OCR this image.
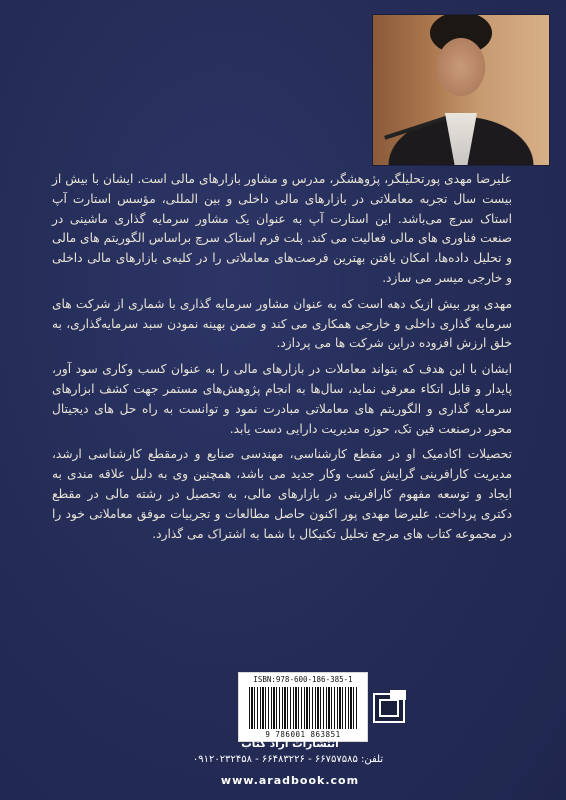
علیرضا مهدی پورتحلیلگر، پژوهشگر، مدرس و مشاور بازارهای مالی است. ایشان با بیش از بیست سال تجربه معاملاتی در بازارهای مالی داخلی و بین المللی، مؤسس استارت آپ استاک سرچ می‌باشد. این استارت آپ به عنوان یک مشاور سرمایه گذاری ماشینی در صنعت فناوری های مالی فعالیت می کند. پلت فرم استاک سرچ براساس الگوریتم های مالی و تحلیل داده‌ها، امکان یافتن بهترین فرصت‌های معاملاتی را در کلیه‌ی بازارهای مالی داخلی و خارجی میسر می سازد.

مهدی پور بیش ازیک دهه است که به عنوان مشاور سرمایه گذاری با شماری از شرکت های سرمایه گذاری داخلی و خارجی همکاری می کند و ضمن بهینه نمودن سبد سرمایه‌گذاری، به خلق ارزش افزوده دراین شرکت ها می پردازد.

ایشان با این هدف که بتواند معاملات در بازارهای مالی را به عنوان کسب وکاری سود آور، پایدار و قابل اتکاء معرفی نماید، سال‌ها به انجام پژوهش‌های مستمر جهت کشف ابزارهای سرمایه گذاری و الگوریتم های معاملاتی مبادرت نمود و توانست به راه حل های دیجیتال محور درصنعت فین تک، حوزه مدیریت دارایی دست یابد.

تحصیلات اکادمیک او در مقطع کارشناسی، مهندسی صنایع و درمقطع کارشناسی ارشد، مدیریت کارافرینی گرایش کسب وکار جدید می باشد، همچنین وی به دلیل علاقه مندی به ایجاد و توسعه مفهوم کارافرینی در بازارهای مالی، به تحصیل در رشته مالی در مقطع دکتری پرداخت. علیرضا مهدی پور اکنون حاصل مطالعات و تجربیات موفق معاملاتی خود را در مجموعه کتاب های مرجع تحلیل تکنیکال با شما به اشتراک می گذارد.

ISBN:978-600-186-385-1
9 786001 863851
انتشارات آراد کتاب
تلفن: ۶۶۷۵۷۵۸۵ - ۶۶۴۸۳۲۲۶ - ۰۹۱۲۰۲۳۲۴۵۸
www.aradbook.com
